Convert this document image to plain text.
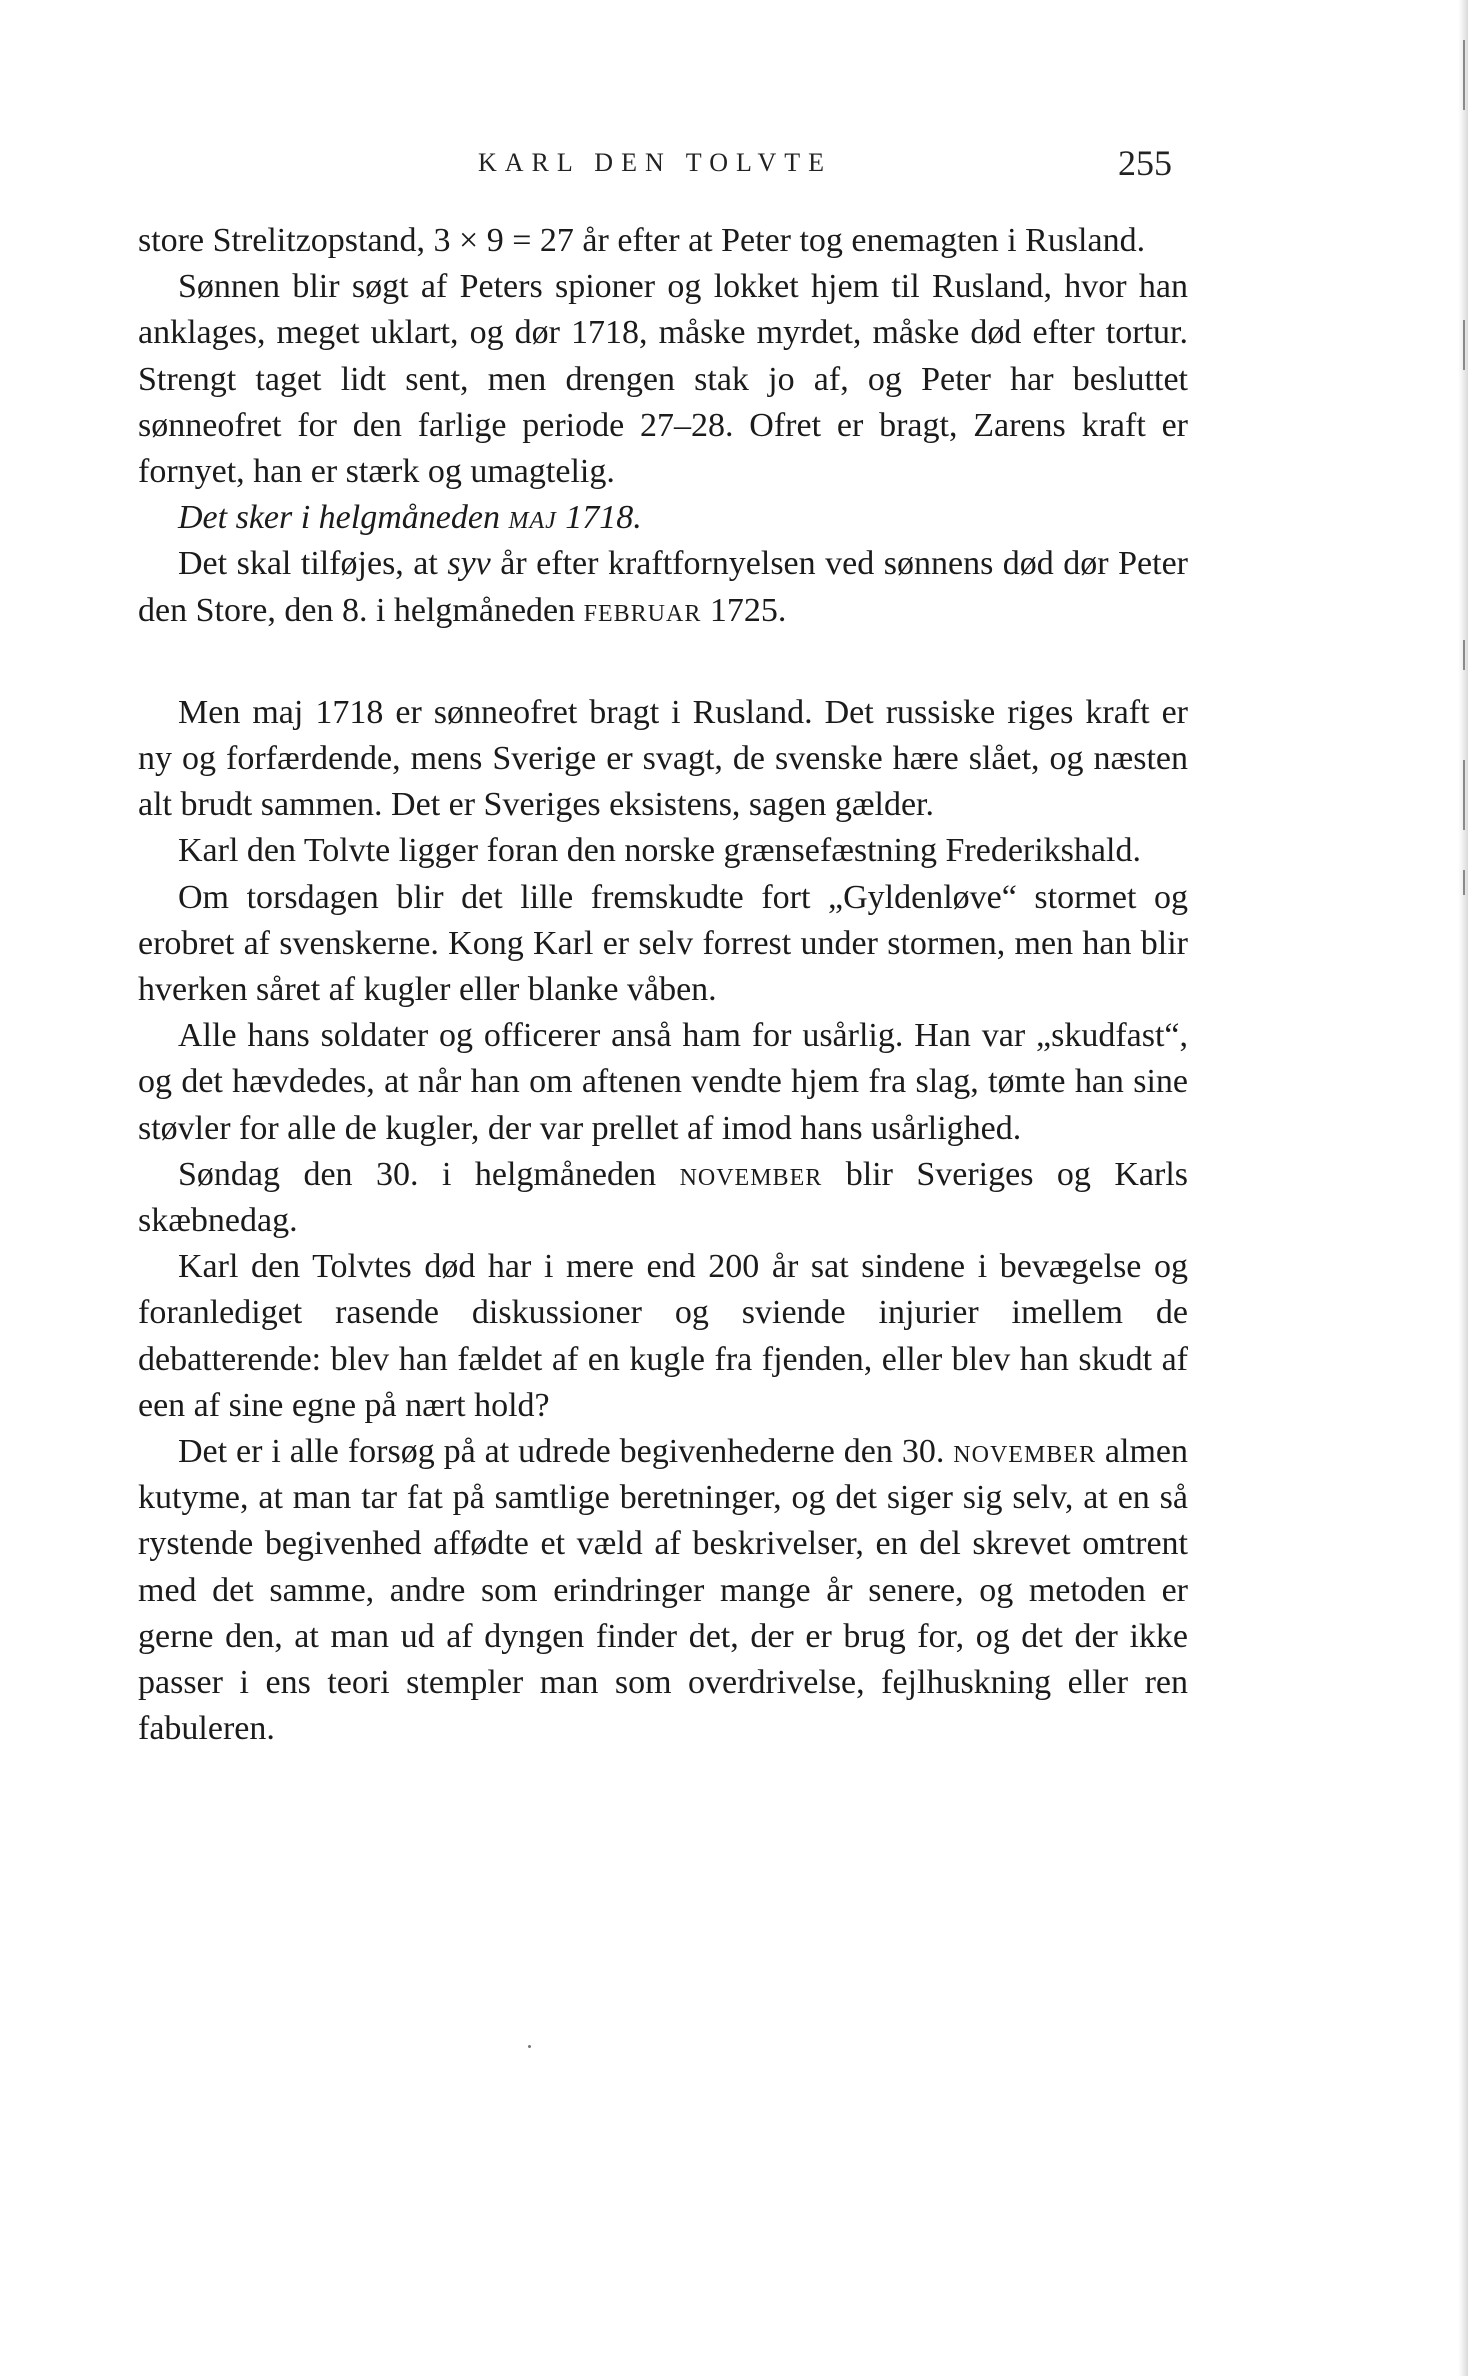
KARL DEN TOLVTE	255

store Strelitzopstand, 3 × 9 = 27 år efter at Peter tog enemagten i Rusland.

Sønnen blir søgt af Peters spioner og lokket hjem til Rusland, hvor han anklages, meget uklart, og dør 1718, måske myrdet, måske død efter tortur. Strengt taget lidt sent, men drengen stak jo af, og Peter har besluttet sønneofret for den farlige periode 27–28. Ofret er bragt, Zarens kraft er fornyet, han er stærk og umagtelig.

Det sker i helgmåneden maj 1718.

Det skal tilføjes, at syv år efter kraftfornyelsen ved sønnens død dør Peter den Store, den 8. i helgmåneden februar 1725.

Men maj 1718 er sønneofret bragt i Rusland. Det russiske riges kraft er ny og forfærdende, mens Sverige er svagt, de svenske hære slået, og næsten alt brudt sammen. Det er Sveriges eksistens, sagen gælder.

Karl den Tolvte ligger foran den norske grænsefæstning Frederikshald.

Om torsdagen blir det lille fremskudte fort „Gyldenløve“ stormet og erobret af svenskerne. Kong Karl er selv forrest under stormen, men han blir hverken såret af kugler eller blanke våben.

Alle hans soldater og officerer anså ham for usårlig. Han var „skudfast“, og det hævdedes, at når han om aftenen vendte hjem fra slag, tømte han sine støvler for alle de kugler, der var prellet af imod hans usårlighed.

Søndag den 30. i helgmåneden november blir Sveriges og Karls skæbnedag.

Karl den Tolvtes død har i mere end 200 år sat sindene i bevægelse og foranlediget rasende diskussioner og sviende injurier imellem de debatterende: blev han fældet af en kugle fra fjenden, eller blev han skudt af een af sine egne på nært hold?

Det er i alle forsøg på at udrede begivenhederne den 30. november almen kutyme, at man tar fat på samtlige beretninger, og det siger sig selv, at en så rystende begivenhed affødte et væld af beskrivelser, en del skrevet omtrent med det samme, andre som erindringer mange år senere, og metoden er gerne den, at man ud af dyngen finder det, der er brug for, og det der ikke passer i ens teori stempler man som overdrivelse, fejlhuskning eller ren fabuleren.
